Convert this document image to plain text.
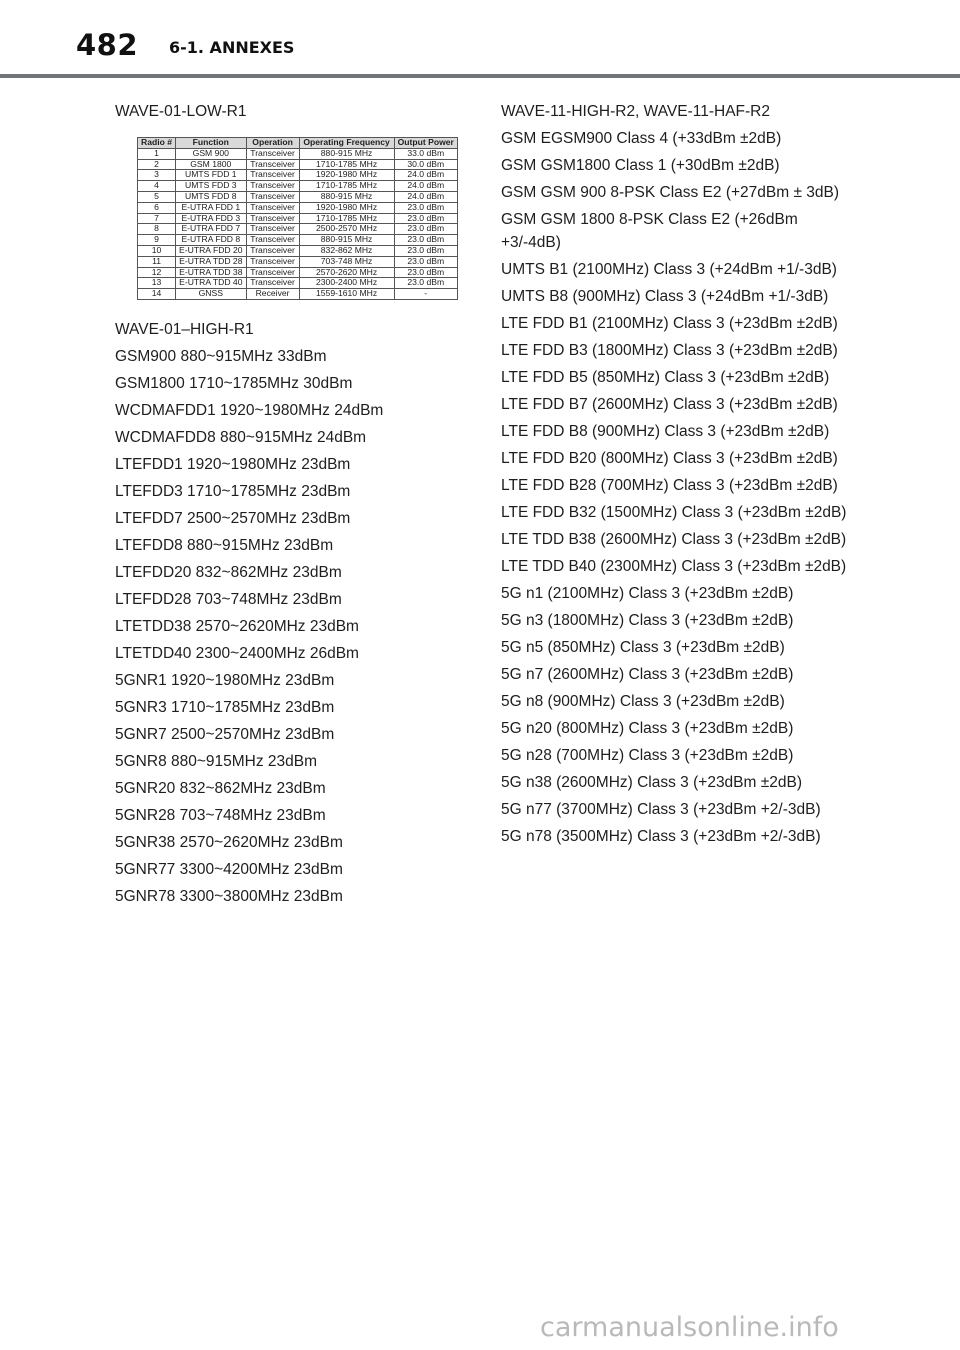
482 6-1. ANNEXES
WAVE-01-LOW-R1
Radio #	Function	Operation	Operating Frequency	Output Power
1	GSM 900	Transceiver	880-915 MHz	33.0 dBm
2	GSM 1800	Transceiver	1710-1785 MHz	30.0 dBm
3	UMTS FDD 1	Transceiver	1920-1980 MHz	24.0 dBm
4	UMTS FDD 3	Transceiver	1710-1785 MHz	24.0 dBm
5	UMTS FDD 8	Transceiver	880-915 MHz	24.0 dBm
6	E-UTRA FDD 1	Transceiver	1920-1980 MHz	23.0 dBm
7	E-UTRA FDD 3	Transceiver	1710-1785 MHz	23.0 dBm
8	E-UTRA FDD 7	Transceiver	2500-2570 MHz	23.0 dBm
9	E-UTRA FDD 8	Transceiver	880-915 MHz	23.0 dBm
10	E-UTRA FDD 20	Transceiver	832-862 MHz	23.0 dBm
11	E-UTRA TDD 28	Transceiver	703-748 MHz	23.0 dBm
12	E-UTRA TDD 38	Transceiver	2570-2620 MHz	23.0 dBm
13	E-UTRA TDD 40	Transceiver	2300-2400 MHz	23.0 dBm
14	GNSS	Receiver	1559-1610 MHz	-
WAVE-01–HIGH-R1
GSM900 880~915MHz 33dBm
GSM1800 1710~1785MHz 30dBm
WCDMAFDD1 1920~1980MHz 24dBm
WCDMAFDD8 880~915MHz 24dBm
LTEFDD1 1920~1980MHz 23dBm
LTEFDD3 1710~1785MHz 23dBm
LTEFDD7 2500~2570MHz 23dBm
LTEFDD8 880~915MHz 23dBm
LTEFDD20 832~862MHz 23dBm
LTEFDD28 703~748MHz 23dBm
LTETDD38 2570~2620MHz 23dBm
LTETDD40 2300~2400MHz 26dBm
5GNR1 1920~1980MHz 23dBm
5GNR3 1710~1785MHz 23dBm
5GNR7 2500~2570MHz 23dBm
5GNR8 880~915MHz 23dBm
5GNR20 832~862MHz 23dBm
5GNR28 703~748MHz 23dBm
5GNR38 2570~2620MHz 23dBm
5GNR77 3300~4200MHz 23dBm
5GNR78 3300~3800MHz 23dBm
WAVE-11-HIGH-R2, WAVE-11-HAF-R2
GSM EGSM900 Class 4 (+33dBm ±2dB)
GSM GSM1800 Class 1 (+30dBm ±2dB)
GSM GSM 900 8-PSK Class E2 (+27dBm ± 3dB)
GSM GSM 1800 8-PSK Class E2 (+26dBm +3/-4dB)
UMTS B1 (2100MHz) Class 3 (+24dBm +1/-3dB)
UMTS B8 (900MHz) Class 3 (+24dBm +1/-3dB)
LTE FDD B1 (2100MHz) Class 3 (+23dBm ±2dB)
LTE FDD B3 (1800MHz) Class 3 (+23dBm ±2dB)
LTE FDD B5 (850MHz) Class 3 (+23dBm ±2dB)
LTE FDD B7 (2600MHz) Class 3 (+23dBm ±2dB)
LTE FDD B8 (900MHz) Class 3 (+23dBm ±2dB)
LTE FDD B20 (800MHz) Class 3 (+23dBm ±2dB)
LTE FDD B28 (700MHz) Class 3 (+23dBm ±2dB)
LTE FDD B32 (1500MHz) Class 3 (+23dBm ±2dB)
LTE TDD B38 (2600MHz) Class 3 (+23dBm ±2dB)
LTE TDD B40 (2300MHz) Class 3 (+23dBm ±2dB)
5G n1 (2100MHz) Class 3 (+23dBm ±2dB)
5G n3 (1800MHz) Class 3 (+23dBm ±2dB)
5G n5 (850MHz) Class 3 (+23dBm ±2dB)
5G n7 (2600MHz) Class 3 (+23dBm ±2dB)
5G n8 (900MHz) Class 3 (+23dBm ±2dB)
5G n20 (800MHz) Class 3 (+23dBm ±2dB)
5G n28 (700MHz) Class 3 (+23dBm ±2dB)
5G n38 (2600MHz) Class 3 (+23dBm ±2dB)
5G n77 (3700MHz) Class 3 (+23dBm +2/-3dB)
5G n78 (3500MHz) Class 3 (+23dBm +2/-3dB)
carmanualsonline.info
